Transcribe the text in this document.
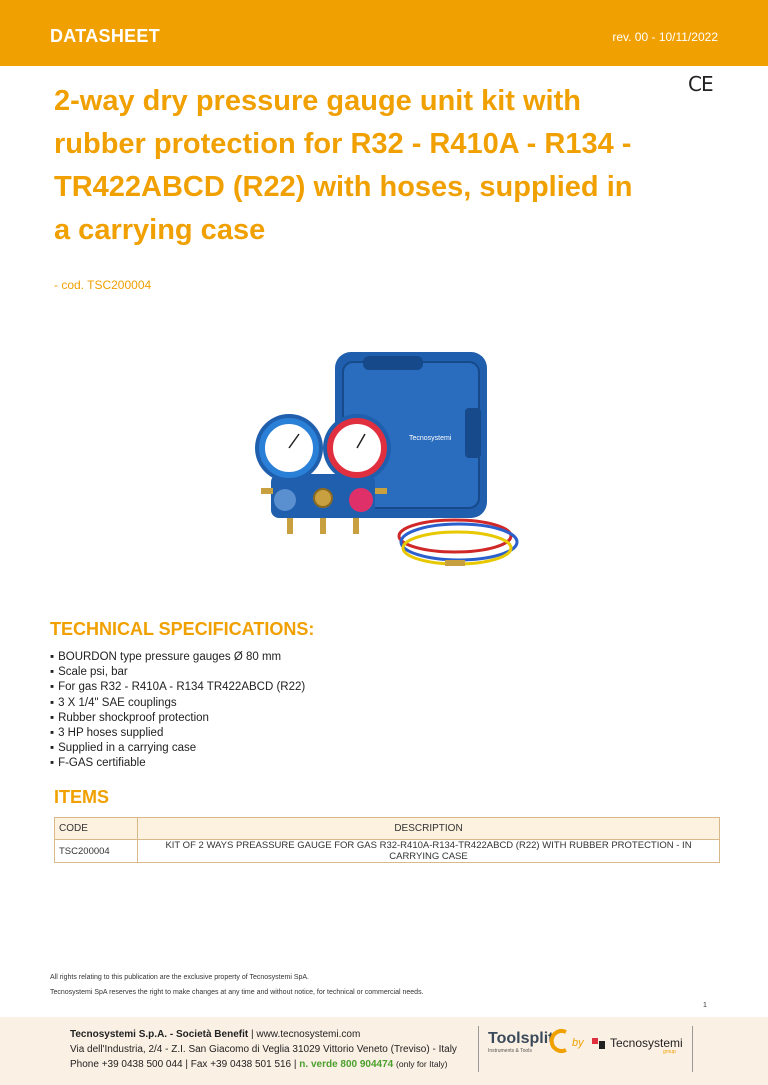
DATASHEET	rev. 00 - 10/11/2022
CE
2-way dry pressure gauge unit kit with rubber protection for R32 - R410A - R134 - TR422ABCD (R22) with hoses, supplied in a carrying case
- cod. TSC200004
Tecnosystemi
TECHNICAL SPECIFICATIONS:
▪ BOURDON type pressure gauges Ø 80 mm
▪ Scale psi, bar
▪ For gas R32 - R410A - R134 TR422ABCD (R22)
▪ 3 X 1/4" SAE couplings
▪ Rubber shockproof protection
▪ 3 HP hoses supplied
▪ Supplied in a carrying case
▪ F-GAS certifiable
ITEMS
CODE	DESCRIPTION
TSC200004	KIT OF 2 WAYS PREASSURE GAUGE FOR GAS R32-R410A-R134-TR422ABCD (R22) WITH RUBBER PROTECTION - IN CARRYING CASE
All rights relating to this publication are the exclusive property of Tecnosystemi SpA.
Tecnosystemi SpA reserves the right to make changes at any time and without notice, for technical or commercial needs.
1
Tecnosystemi S.p.A. - Società Benefit | www.tecnosystemi.com
Via dell'Industria, 2/4 - Z.I. San Giacomo di Veglia 31029 Vittorio Veneto (Treviso) - Italy
Phone +39 0438 500 044 | Fax +39 0438 501 516 | n. verde 800 904474 (only for Italy)
Toolsplit
Instruments & Tools
by Tecnosystemi
group
